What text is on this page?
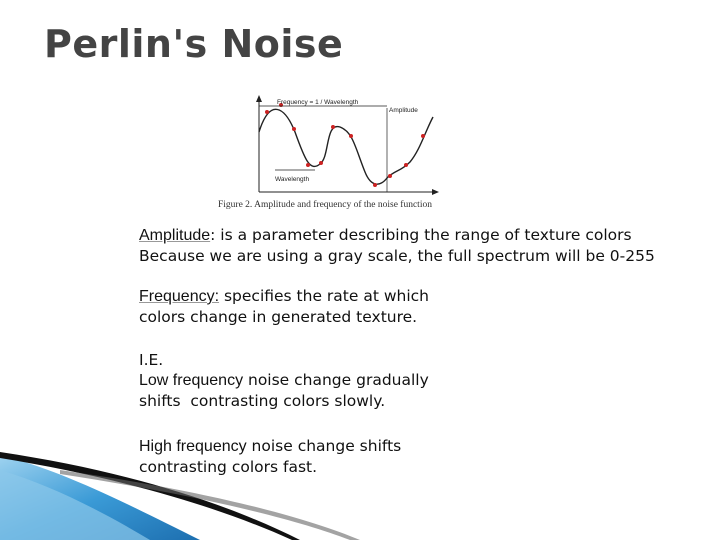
Perlin's Noise
Frequency = 1 / Wavelength
Amplitude
Wavelength
Figure 2. Amplitude and frequency of the noise function
Amplitude: is a parameter describing the range of texture colors
Because we are using a gray scale, the full spectrum will be 0-255
Frequency: specifies the rate at which
colors change in generated texture.
I.E.
Low frequency noise change gradually
shifts  contrasting colors slowly.
High frequency noise change shifts
contrasting colors fast.
